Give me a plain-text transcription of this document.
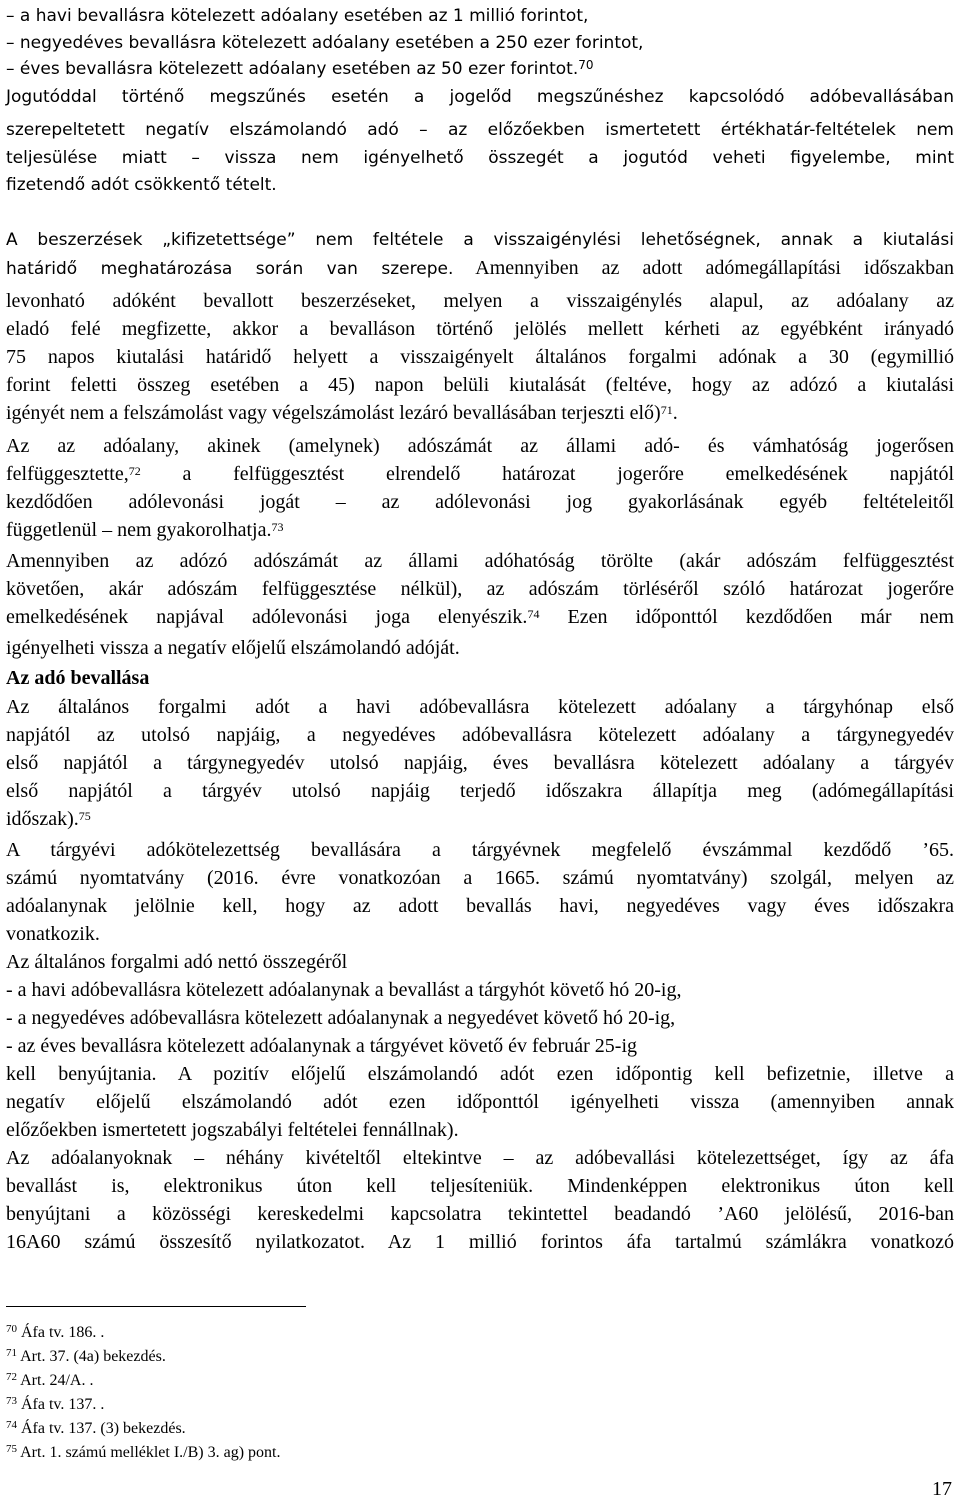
– a havi bevallásra kötelezett adóalany esetében az 1 millió forintot,
– negyedéves bevallásra kötelezett adóalany esetében a 250 ezer forintot,
– éves bevallásra kötelezett adóalany esetében az 50 ezer forintot.$^{70}$
Jogutóddal történő megszűnés esetén a jogelőd megszűnéshez kapcsolódó adóbevallásában
szerepeltetett negatív elszámolandó adó – az előzőekben ismertetett értékhatár-feltételek nem
teljesülése miatt – vissza nem igényelhető összegét a jogutód veheti figyelembe, mint
fizetendő adót csökkentő tételt.
A beszerzések „kifizetettsége” nem feltétele a visszaigénylési lehetőségnek, annak a kiutalási
határidő meghatározása során van szerepe. Amennyiben az adott adómegállapítási időszakban
levonható adóként bevallott beszerzéseket, melyen a visszaigénylés alapul, az adóalany az
eladó felé megfizette, akkor a bevalláson történő jelölés mellett kérheti az egyébként irányadó
75 napos kiutalási határidő helyett a visszaigényelt általános forgalmi adónak a 30 (egymillió
forint feletti összeg esetében a 45) napon belüli kiutalását (feltéve, hogy az adózó a kiutalási
igényét nem a felszámolást vagy végelszámolást lezáró bevallásában terjeszti elő)$^{71}$.
Az az adóalany, akinek (amelynek) adószámát az állami adó- és vámhatóság jogerősen
felfüggesztette,$^{72}$ a felfüggesztést elrendelő határozat jogerőre emelkedésének napjától
kezdődően adólevonási jogát – az adólevonási jog gyakorlásának egyéb feltételeitől
függetlenül – nem gyakorolhatja.$^{73}$
Amennyiben az adózó adószámát az állami adóhatóság törölte (akár adószám felfüggesztést
követően, akár adószám felfüggesztése nélkül), az adószám törléséről szóló határozat jogerőre
emelkedésének napjával adólevonási joga elenyészik.$^{74}$ Ezen időponttól kezdődően már nem
igényelheti vissza a negatív előjelű elszámolandó adóját.
Az adó bevallása
Az általános forgalmi adót a havi adóbevallásra kötelezett adóalany a tárgyhónap első
napjától az utolsó napjáig, a negyedéves adóbevallásra kötelezett adóalany a tárgynegyedév
első napjától a tárgynegyedév utolsó napjáig, éves bevallásra kötelezett adóalany a tárgyév
első napjától a tárgyév utolsó napjáig terjedő időszakra állapítja meg (adómegállapítási
időszak).$^{75}$
A tárgyévi adókötelezettség bevallására a tárgyévnek megfelelő évszámmal kezdődő ’65.
számú nyomtatvány (2016. évre vonatkozóan a 1665. számú nyomtatvány) szolgál, melyen az
adóalanynak jelölnie kell, hogy az adott bevallás havi, negyedéves vagy éves időszakra
vonatkozik.
Az általános forgalmi adó nettó összegéről
- a havi adóbevallásra kötelezett adóalanynak a bevallást a tárgyhót követő hó 20-ig,
- a negyedéves adóbevallásra kötelezett adóalanynak a negyedévet követő hó 20-ig,
- az éves bevallásra kötelezett adóalanynak a tárgyévet követő év február 25-ig
kell benyújtania. A pozitív előjelű elszámolandó adót ezen időpontig kell befizetnie, illetve a
negatív előjelű elszámolandó adót ezen időponttól igényelheti vissza (amennyiben annak
előzőekben ismertetett jogszabályi feltételei fennállnak).
Az adóalanyoknak – néhány kivételtől eltekintve – az adóbevallási kötelezettséget, így az áfa
bevallást is, elektronikus úton kell teljesíteniük. Mindenképpen elektronikus úton kell
benyújtani a közösségi kereskedelmi kapcsolatra tekintettel beadandó ’A60 jelölésű, 2016-ban
16A60 számú összesítő nyilatkozatot. Az 1 millió forintos áfa tartalmú számlákra vonatkozó
$^{70}$ Áfa tv. 186. .
$^{71}$ Art. 37. (4a) bekezdés.
$^{72}$ Art. 24/A. .
$^{73}$ Áfa tv. 137. .
$^{74}$ Áfa tv. 137. (3) bekezdés.
$^{75}$ Art. 1. számú melléklet I./B) 3. ag) pont.
17
